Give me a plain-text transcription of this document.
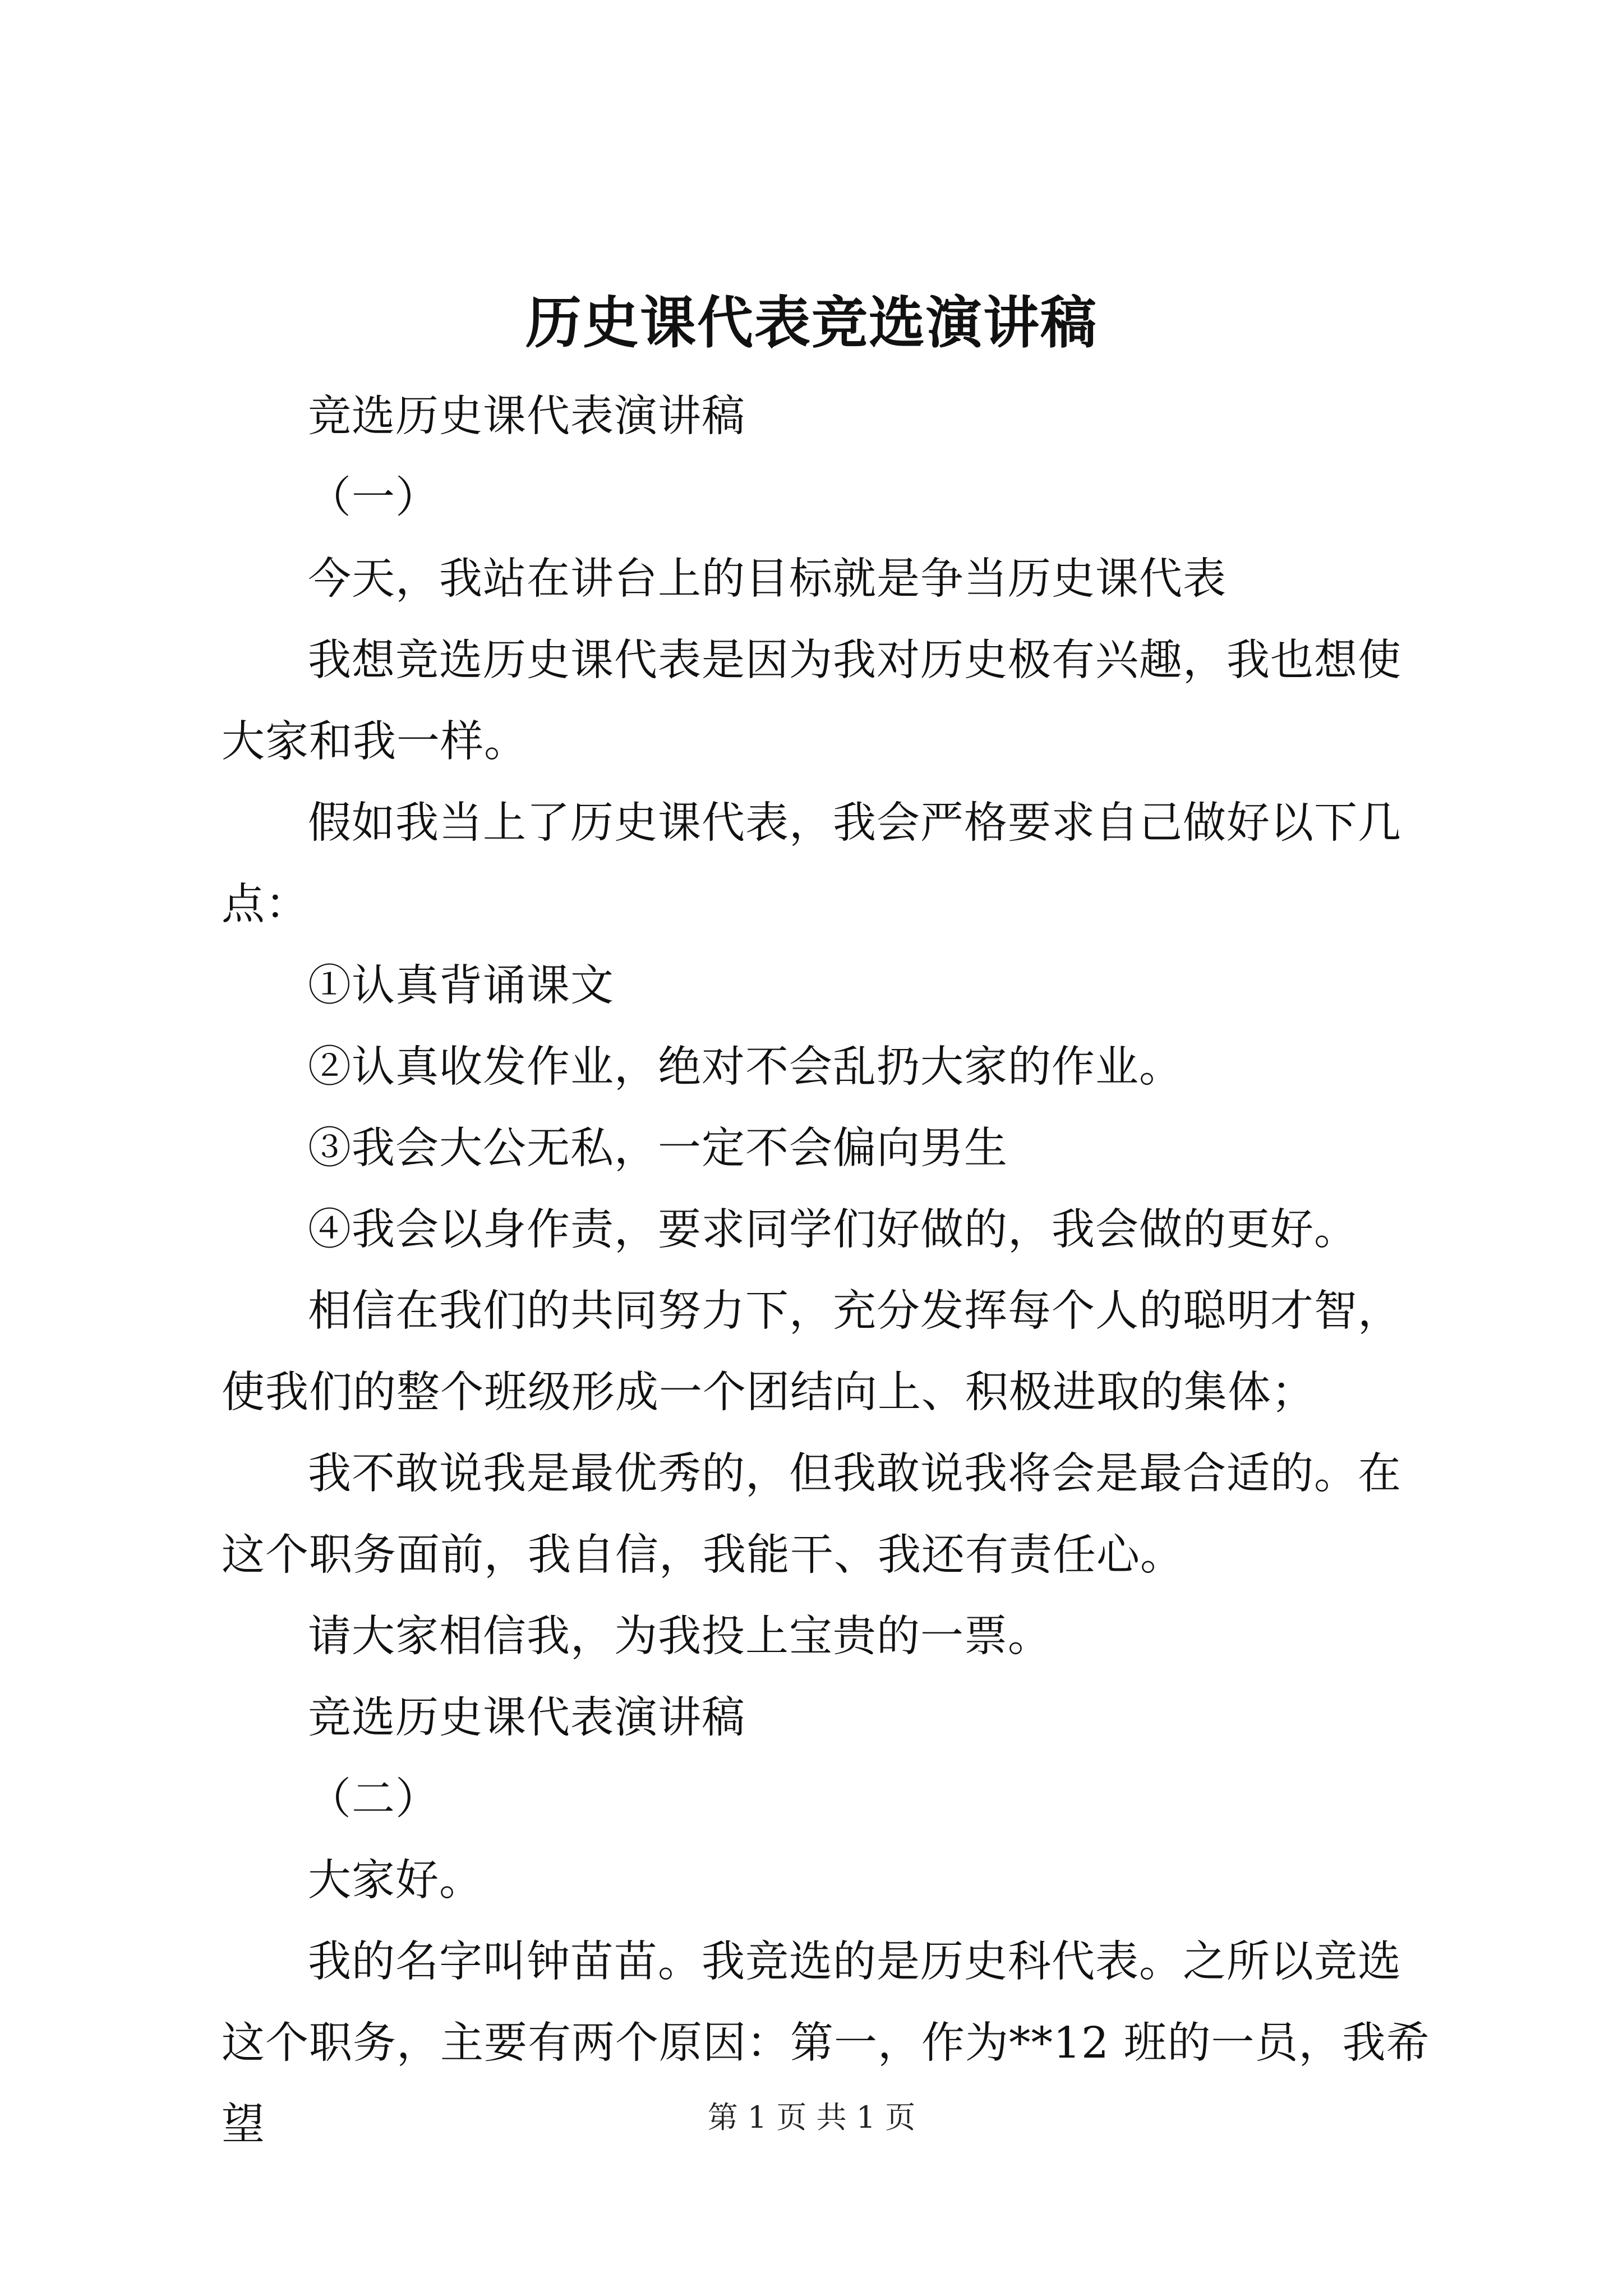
历史课代表竞选演讲稿

竞选历史课代表演讲稿

（一）

今天，我站在讲台上的目标就是争当历史课代表

我想竞选历史课代表是因为我对历史极有兴趣，我也想使大家和我一样。

假如我当上了历史课代表，我会严格要求自己做好以下几点：

①认真背诵课文

②认真收发作业，绝对不会乱扔大家的作业。

③我会大公无私，一定不会偏向男生

④我会以身作责，要求同学们好做的，我会做的更好。

相信在我们的共同努力下，充分发挥每个人的聪明才智，使我们的整个班级形成一个团结向上、积极进取的集体；

我不敢说我是最优秀的，但我敢说我将会是最合适的。在这个职务面前，我自信，我能干、我还有责任心。

请大家相信我，为我投上宝贵的一票。

竞选历史课代表演讲稿

（二）

大家好。

我的名字叫钟苗苗。我竞选的是历史科代表。之所以竞选这个职务，主要有两个原因：第一，作为**12 班的一员，我希望	第 1 页 共 1 页
